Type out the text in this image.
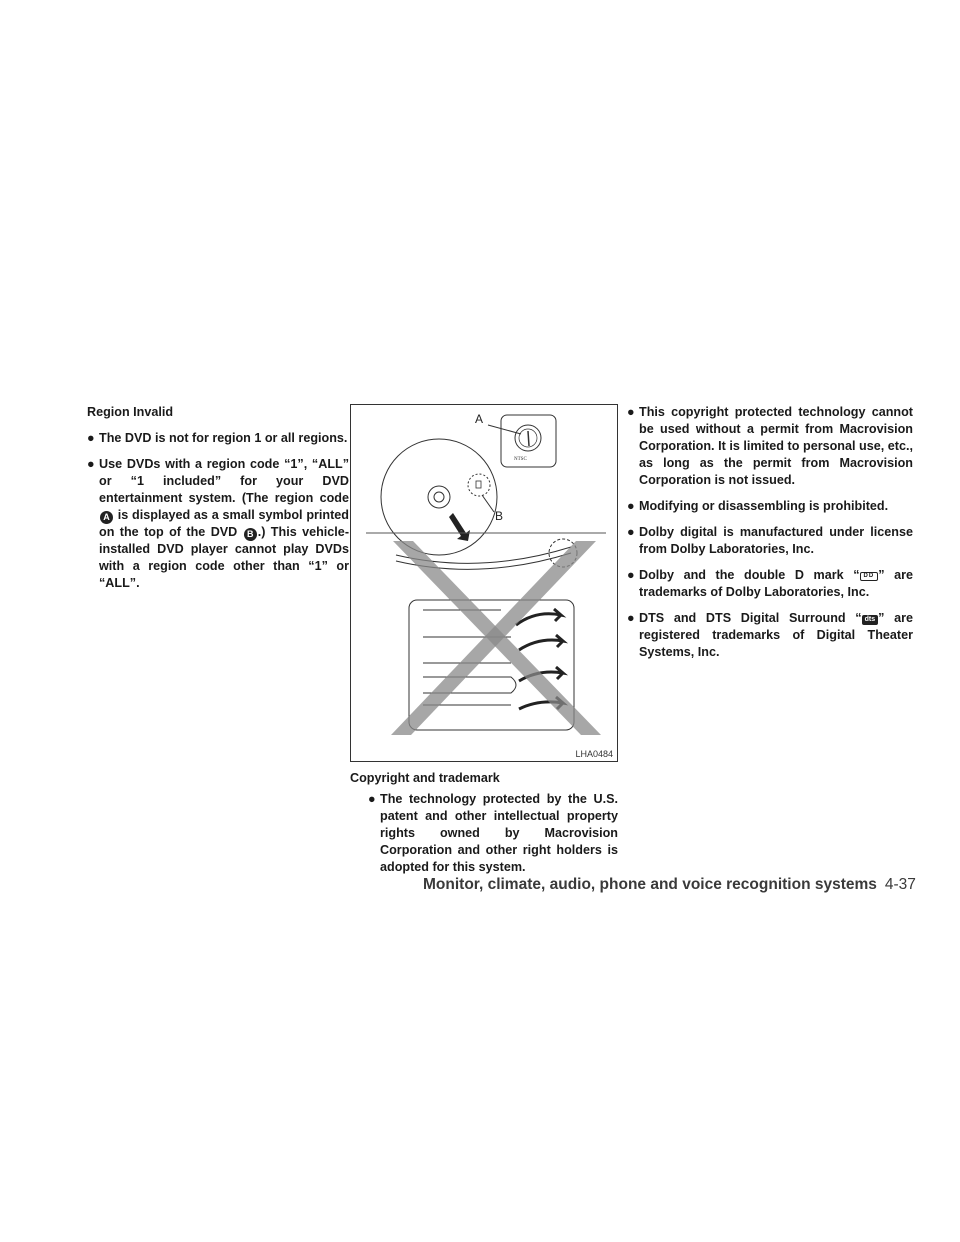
Region Invalid
● The DVD is not for region 1 or all regions.
● Use DVDs with a region code “1”, “ALL” or “1 included” for your DVD entertainment system. (The region code A is displayed as a small symbol printed on the top of the DVD B .) This vehicle-installed DVD player cannot play DVDs with a region code other than “1” or “ALL”.
NTSC
A
B
LHA0484
Copyright and trademark
● The technology protected by the U.S. patent and other intellectual property rights owned by Macrovision Corporation and other right holders is adopted for this system.
● This copyright protected technology cannot be used without a permit from Macrovision Corporation. It is limited to personal use, etc., as long as the permit from Macrovision Corporation is not issued.
● Modifying or disassembling is prohibited.
● Dolby digital is manufactured under license from Dolby Laboratories, Inc.
● Dolby and the double D mark “ DD ” are trademarks of Dolby Laboratories, Inc.
● DTS and DTS Digital Surround “ dts ” are registered trademarks of Digital Theater Systems, Inc.
Monitor, climate, audio, phone and voice recognition systems 4-37
